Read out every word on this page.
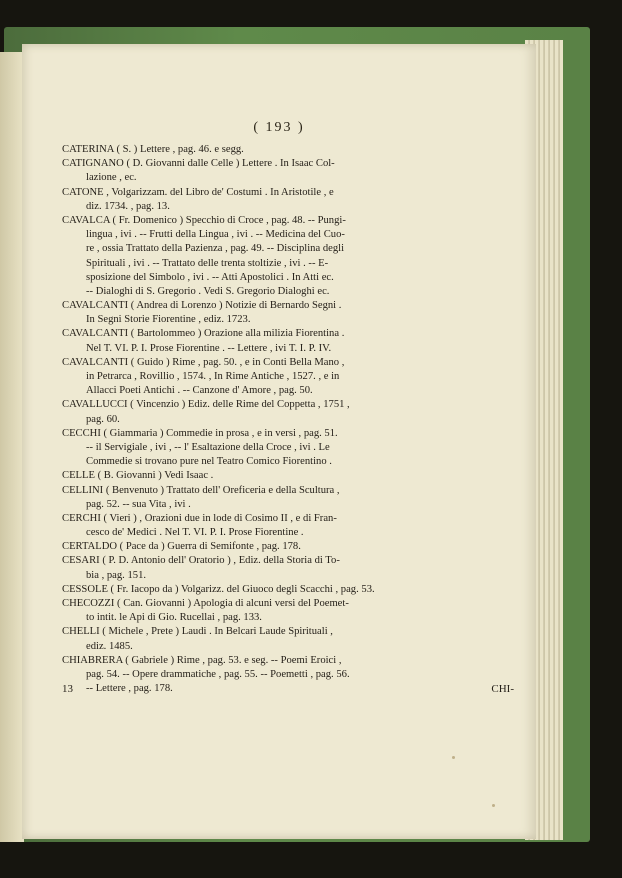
( 193 )
CATERINA ( S. ) Lettere , pag. 46. e segg.
CATIGNANO ( D. Giovanni dalle Celle ) Lettere . In Isaac Col-
lazione , ec.
CATONE , Volgarizzam. del Libro de' Costumi . In Aristotile , e
diz. 1734. , pag. 13.
CAVALCA ( Fr. Domenico ) Specchio di Croce , pag. 48. -- Pungi-
lingua , ivi . -- Frutti della Lingua , ivi . -- Medicina del Cuo-
re , ossia Trattato della Pazienza , pag. 49. -- Disciplina degli
Spirituali , ivi . -- Trattato delle trenta stoltizie , ivi . -- E-
sposizione del Simbolo , ivi . -- Atti Apostolici . In Atti ec.
-- Dialoghi di S. Gregorio . Vedi S. Gregorio Dialoghi ec.
CAVALCANTI ( Andrea di Lorenzo ) Notizie di Bernardo Segni .
In Segni Storie Fiorentine , ediz. 1723.
CAVALCANTI ( Bartolommeo ) Orazione alla milizia Fiorentina .
Nel T. VI. P. I. Prose Fiorentine . -- Lettere , ivi T. I. P. IV.
CAVALCANTI ( Guido ) Rime , pag. 50. , e in Conti Bella Mano ,
in Petrarca , Rovillio , 1574. , In Rime Antiche , 1527. , e in
Allacci Poeti Antichi . -- Canzone d' Amore , pag. 50.
CAVALLUCCI ( Vincenzio ) Ediz. delle Rime del Coppetta , 1751 ,
pag. 60.
CECCHI ( Giammaria ) Commedie in prosa , e in versi , pag. 51.
-- il Servigiale , ivi , -- l' Esaltazione della Croce , ivi . Le
Commedie si trovano pure nel Teatro Comico Fiorentino .
CELLE ( B. Giovanni ) Vedi Isaac .
CELLINI ( Benvenuto ) Trattato dell' Oreficeria e della Scultura ,
pag. 52. -- sua Vita , ivi .
CERCHI ( Vieri ) , Orazioni due in lode di Cosimo II , e di Fran-
cesco de' Medici . Nel T. VI. P. I. Prose Fiorentine .
CERTALDO ( Pace da ) Guerra di Semifonte , pag. 178.
CESARI ( P. D. Antonio dell' Oratorio ) , Ediz. della Storia di To-
bia , pag. 151.
CESSOLE ( Fr. Iacopo da ) Volgarizz. del Giuoco degli Scacchi , pag. 53.
CHECOZZI ( Can. Giovanni ) Apologia di alcuni versi del Poemet-
to intit. le Api di Gio. Rucellai , pag. 133.
CHELLI ( Michele , Prete ) Laudi . In Belcari Laude Spirituali ,
ediz. 1485.
CHIABRERA ( Gabriele ) Rime , pag. 53. e seg. -- Poemi Eroici ,
pag. 54. -- Opere drammatiche , pag. 55. -- Poemetti , pag. 56.
-- Lettere , pag. 178.
13	CHI-
